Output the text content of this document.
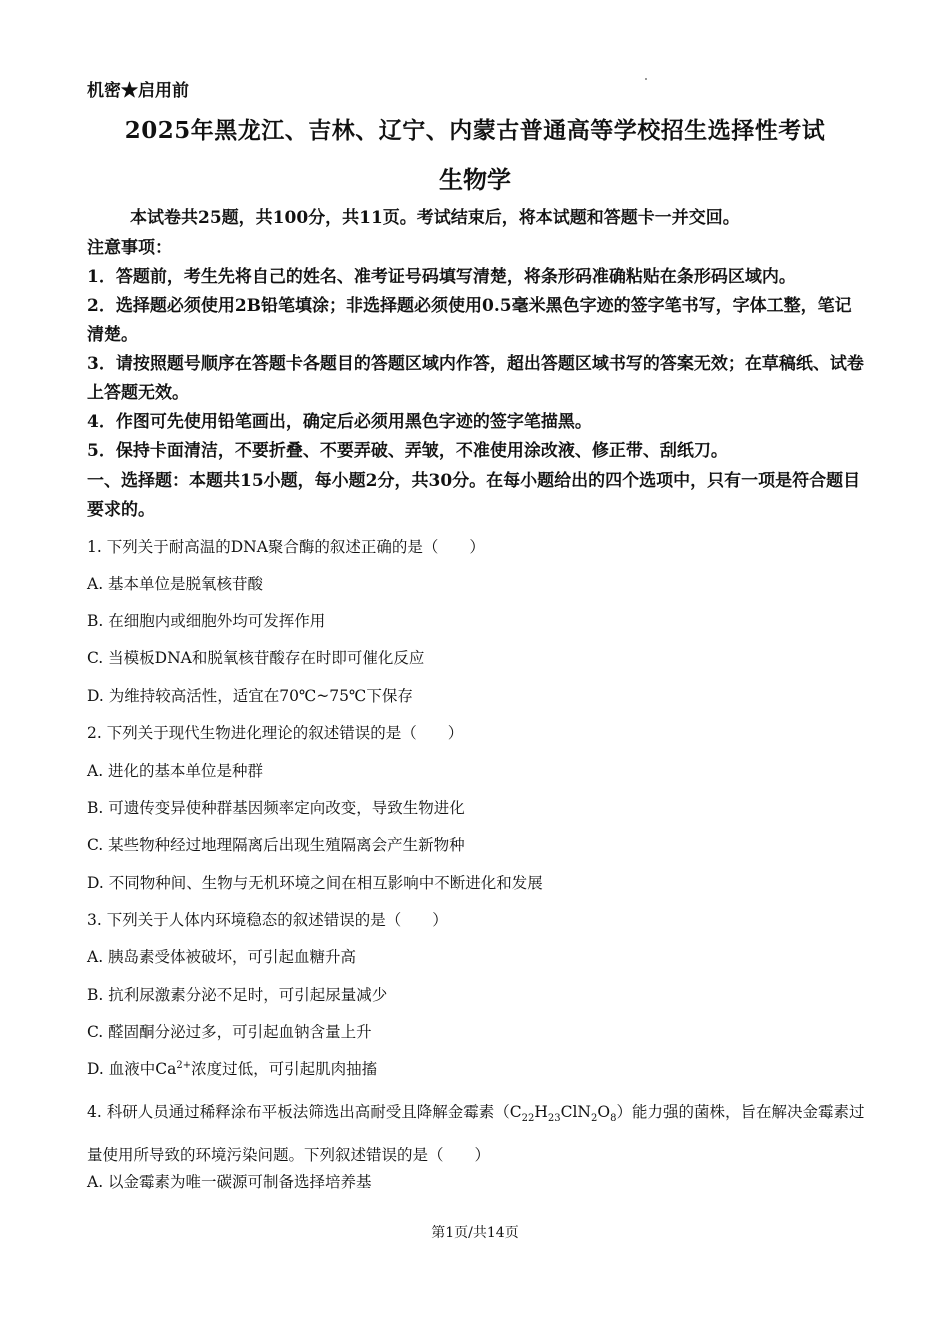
机密★启用前
2025年黑龙江、吉林、辽宁、内蒙古普通高等学校招生选择性考试
生物学
本试卷共25题，共100分，共11页。考试结束后，将本试题和答题卡一并交回。
注意事项：
1．答题前，考生先将自己的姓名、准考证号码填写清楚，将条形码准确粘贴在条形码区域内。
2．选择题必须使用2B铅笔填涂；非选择题必须使用0.5毫米黑色字迹的签字笔书写，字体工整，笔记清楚。
3．请按照题号顺序在答题卡各题目的答题区域内作答，超出答题区域书写的答案无效；在草稿纸、试卷上答题无效。
4．作图可先使用铅笔画出，确定后必须用黑色字迹的签字笔描黑。
5．保持卡面清洁，不要折叠、不要弄破、弄皱，不准使用涂改液、修正带、刮纸刀。
一、选择题：本题共15小题，每小题2分，共30分。在每小题给出的四个选项中，只有一项是符合题目要求的。
1. 下列关于耐高温的DNA聚合酶的叙述正确的是（　　）
A. 基本单位是脱氧核苷酸
B. 在细胞内或细胞外均可发挥作用
C. 当模板DNA和脱氧核苷酸存在时即可催化反应
D. 为维持较高活性，适宜在70℃~75℃下保存
2. 下列关于现代生物进化理论的叙述错误的是（　　）
A. 进化的基本单位是种群
B. 可遗传变异使种群基因频率定向改变，导致生物进化
C. 某些物种经过地理隔离后出现生殖隔离会产生新物种
D. 不同物种间、生物与无机环境之间在相互影响中不断进化和发展
3. 下列关于人体内环境稳态的叙述错误的是（　　）
A. 胰岛素受体被破坏，可引起血糖升高
B. 抗利尿激素分泌不足时，可引起尿量减少
C. 醛固酮分泌过多，可引起血钠含量上升
D. 血液中$Ca^{2+}$浓度过低，可引起肌肉抽搐
4. 科研人员通过稀释涂布平板法筛选出高耐受且降解金霉素$(C_{22}H_{23}ClN_2O_8)$能力强的菌株，旨在解决金霉素过量使用所导致的环境污染问题。下列叙述错误的是（　　）
A. 以金霉素为唯一碳源可制备选择培养基
第1页/共14页
